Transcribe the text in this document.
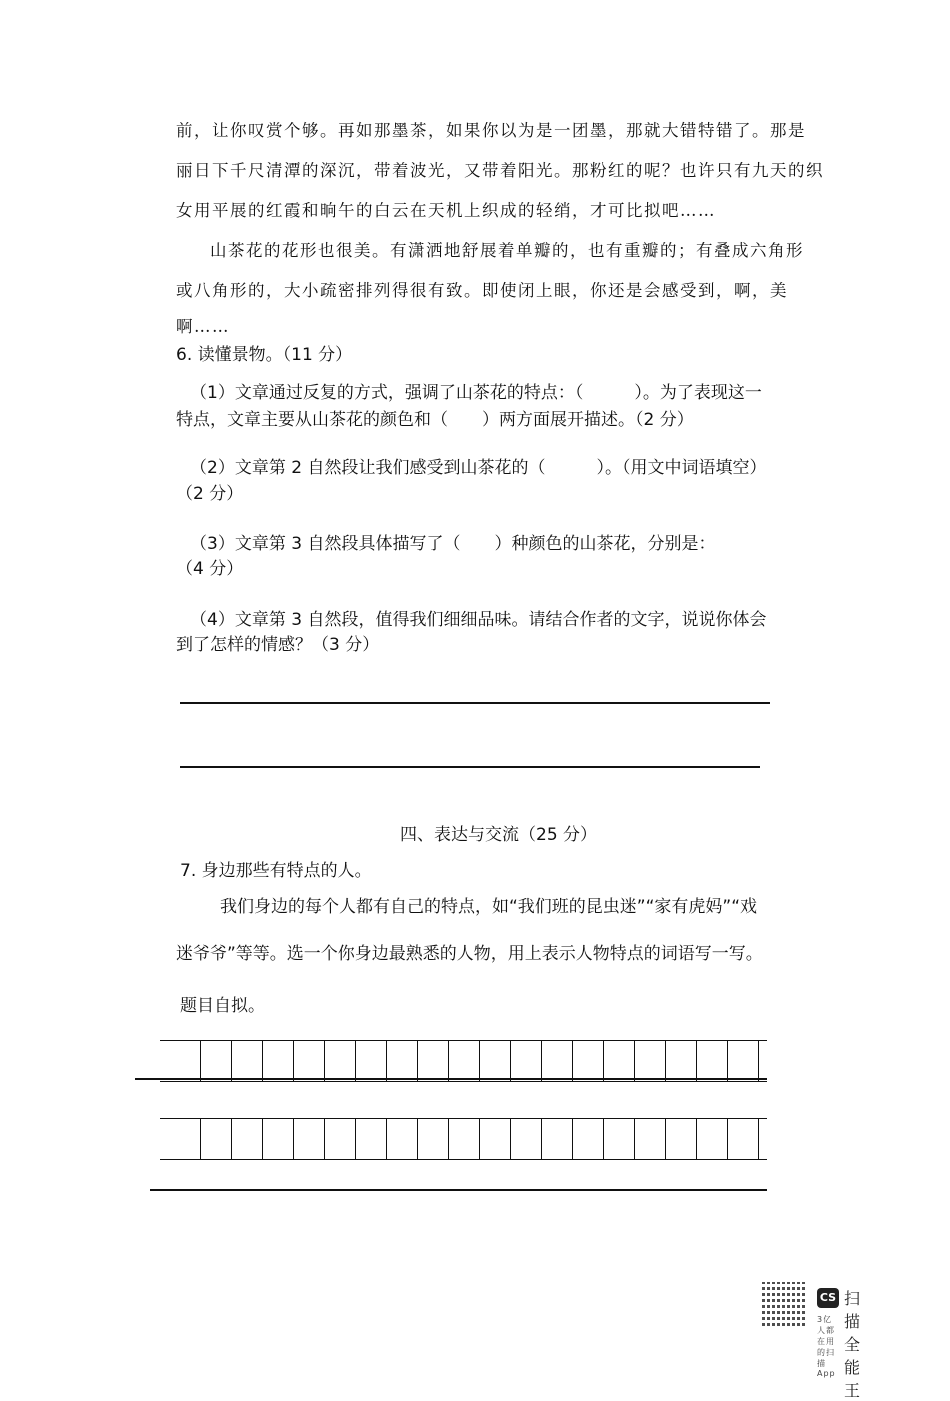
前，让你叹赏个够。再如那墨茶，如果你以为是一团墨，那就大错特错了。那是
丽日下千尺清潭的深沉，带着波光，又带着阳光。那粉红的呢？也许只有九天的织
女用平展的红霞和晌午的白云在天机上织成的轻绡，才可比拟吧……
山茶花的花形也很美。有潇洒地舒展着单瓣的，也有重瓣的；有叠成六角形
或八角形的，大小疏密排列得很有致。即使闭上眼，你还是会感受到，啊，美
啊……
6. 读懂景物。（11 分）
（1）文章通过反复的方式，强调了山茶花的特点：（　　　）。为了表现这一
特点，文章主要从山茶花的颜色和（　　）两方面展开描述。（2 分）
（2）文章第 2 自然段让我们感受到山茶花的（　　　）。（用文中词语填空）
（2 分）
（3）文章第 3 自然段具体描写了（　　）种颜色的山茶花，分别是：
（4 分）
（4）文章第 3 自然段，值得我们细细品味。请结合作者的文字，说说你体会
到了怎样的情感？（3 分）
四、表达与交流（25 分）
7. 身边那些有特点的人。
我们身边的每个人都有自己的特点，如“我们班的昆虫迷”“家有虎妈”“戏
迷爷爷”等等。选一个你身边最熟悉的人物，用上表示人物特点的词语写一写。
题目自拟。
CS 扫描全能王
3亿人都在用的扫描App
